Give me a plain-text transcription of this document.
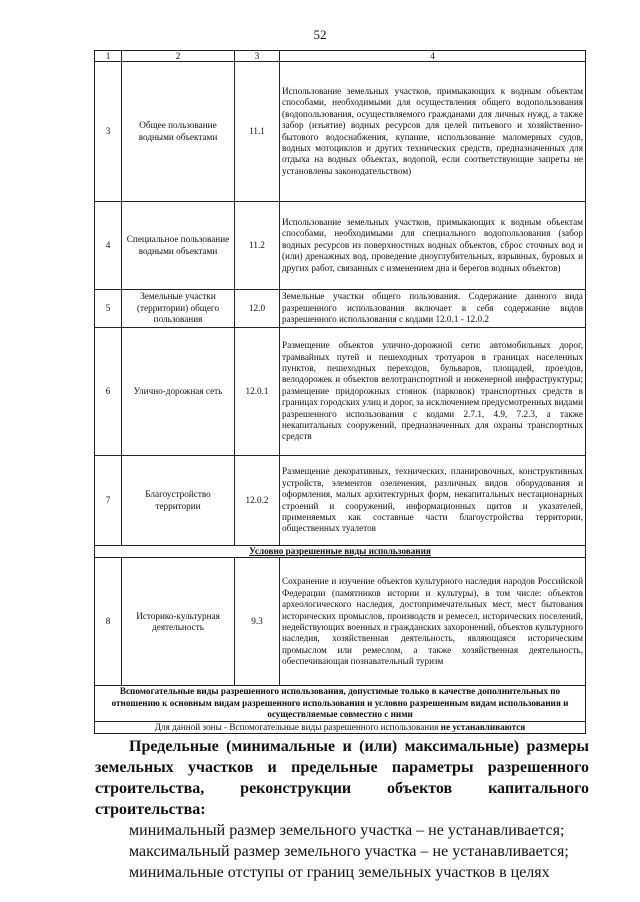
52
1	2	3	4
3	Общее пользование водными объектами	11.1	Использование земельных участков, примыкающих к водным объектам способами, необходимыми для осуществления общего водопользования (водопользования, осуществляемого гражданами для личных нужд, а также забор (изъятие) водных ресурсов для целей питьевого и хозяйственно-бытового водоснабжения, купание, использование маломерных судов, водных мотоциклов и других технических средств, предназначенных для отдыха на водных объектах, водопой, если соответствующие запреты не установлены законодательством)
4	Специальное пользование водными объектами	11.2	Использование земельных участков, примыкающих к водным объектам способами, необходимыми для специального водопользования (забор водных ресурсов из поверхностных водных объектов, сброс сточных вод и (или) дренажных вод, проведение дноуглубительных, взрывных, буровых и других работ, связанных с изменением дна и берегов водных объектов)
5	Земельные участки (территории) общего пользования	12.0	Земельные участки общего пользования. Содержание данного вида разрешенного использования включает в себя содержание видов разрешенного использования с кодами 12.0.1 - 12.0.2
6	Улично-дорожная сеть	12.0.1	Размещение объектов улично-дорожной сети: автомобильных дорог, трамвайных путей и пешеходных тротуаров в границах населенных пунктов, пешеходных переходов, бульваров, площадей, проездов, велодорожек и объектов велотранспортной и инженерной инфраструктуры; размещение придорожных стоянок (парковок) транспортных средств в границах городских улиц и дорог, за исключением предусмотренных видами разрешенного использования с кодами 2.7.1, 4.9, 7.2.3, а также некапитальных сооружений, предназначенных для охраны транспортных средств
7	Благоустройство территории	12.0.2	Размещение декоративных, технических, планировочных, конструктивных устройств, элементов озеленения, различных видов оборудования и оформления, малых архитектурных форм, некапитальных нестационарных строений и сооружений, информационных щитов и указателей, применяемых как составные части благоустройства территории, общественных туалетов
Условно разрешенные виды использования			
8	Историко-культурная деятельность	9.3	Сохранение и изучение объектов культурного наследия народов Российской Федерации (памятников истории и культуры), в том числе: объектов археологического наследия, достопримечательных мест, мест бытования исторических промыслов, производств и ремесел, исторических поселений, недействующих военных и гражданских захоронений, объектов культурного наследия, хозяйственная деятельность, являющаяся историческим промыслом или ремеслом, а также хозяйственная деятельность, обеспечивающая познавательный туризм
Вспомогательные виды разрешенного использования, допустимые только в качестве дополнительных по отношению к основным видам разрешенного использования и условно разрешенным видам использования и осуществляемые совместно с ними			
Для данной зоны - Вспомогательные виды разрешенного использования не устанавливаются			

Предельные (минимальные и (или) максимальные) размеры земельных участков и предельные параметры разрешенного строительства, реконструкции объектов капитального строительства:

минимальный размер земельного участка – не устанавливается;

максимальный размер земельного участка – не устанавливается;

минимальные отступы от границ земельных участков в целях
